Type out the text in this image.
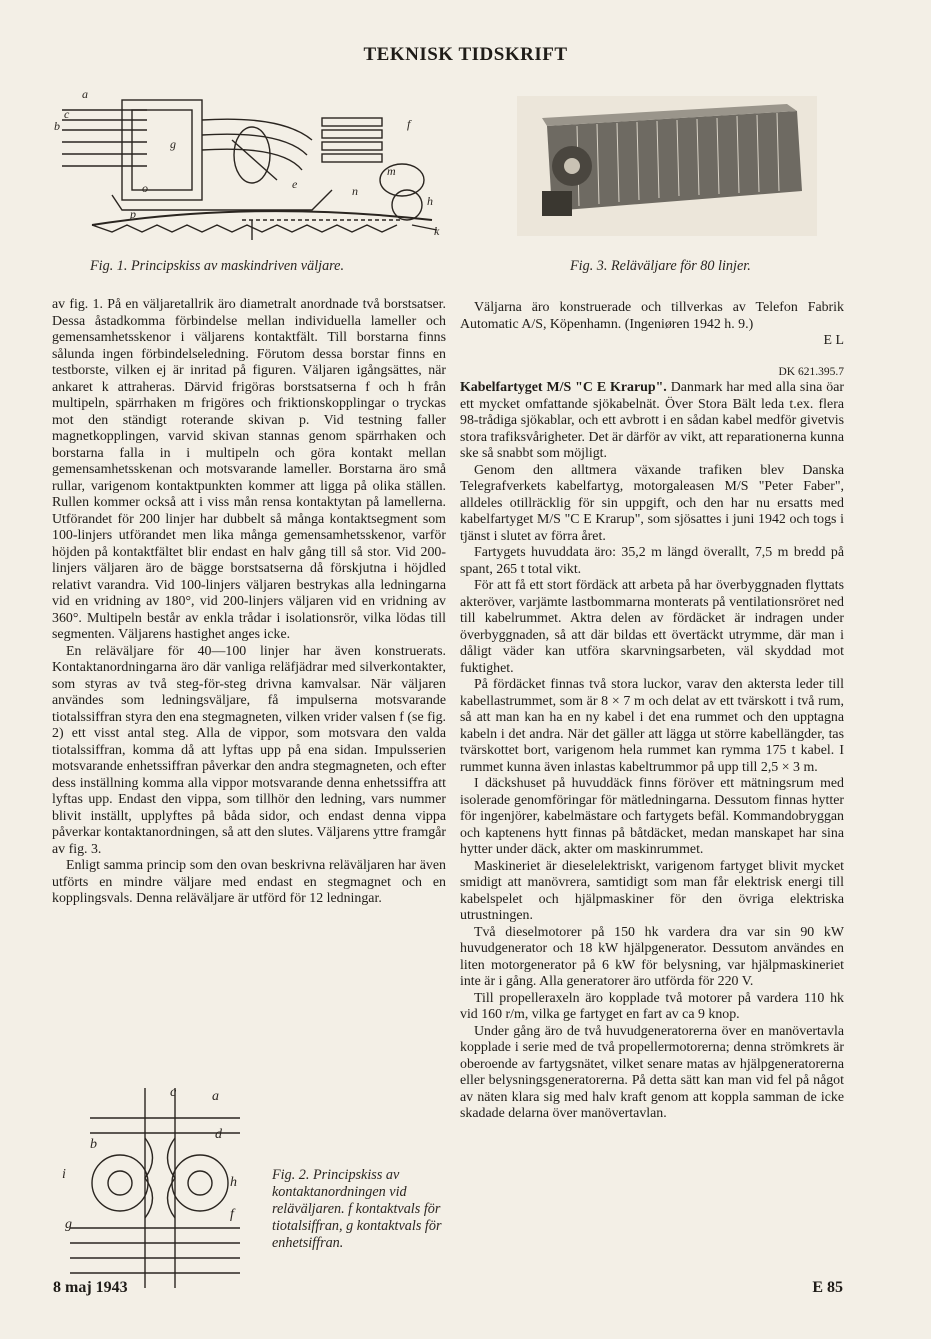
TEKNISK TIDSKRIFT
a
b
c
g
f
m
e	n
o
p
h
k
Fig. 1. Principskiss av maskindriven väljare.	Fig. 3. Reläväljare för 80 linjer.

av fig. 1. På en väljaretallrik äro diametralt anordnade två borstsatser. Dessa åstadkomma förbindelse mellan individuella lameller och gemensamhetsskenor i väljarens kontaktfält. Till borstarna finns sålunda ingen förbindelseledning. Förutom dessa borstar finns en testborste, vilken ej är inritad på figuren. Väljaren igångsättes, när ankaret k attraheras. Därvid frigöras borstsatserna f och h från multipeln, spärrhaken m frigöres och friktionskopplingar o tryckas mot den ständigt roterande skivan p. Vid testning faller magnetkopplingen, varvid skivan stannas genom spärrhaken och borstarna falla in i multipeln och göra kontakt mellan gemensamhetsskenan och motsvarande lameller. Borstarna äro små rullar, varigenom kontaktpunkten kommer att ligga på olika ställen. Rullen kommer också att i viss mån rensa kontaktytan på lamellerna. Utförandet för 200 linjer har dubbelt så många kontaktsegment som 100-linjers utförandet men lika många gemensamhetsskenor, varför höjden på kontaktfältet blir endast en halv gång till så stor. Vid 200-linjers väljaren äro de bägge borstsatserna då förskjutna i höjdled relativt varandra. Vid 100-linjers väljaren bestrykas alla ledningarna vid en vridning av 180°, vid 200-linjers väljaren vid en vridning av 360°. Multipeln består av enkla trådar i isolationsrör, vilka lödas till segmenten. Väljarens hastighet anges icke.

En reläväljare för 40—100 linjer har även konstruerats. Kontaktanordningarna äro där vanliga reläfjädrar med silverkontakter, som styras av två steg-för-steg drivna kamvalsar. När väljaren användes som ledningsväljare, få impulserna motsvarande tiotalssiffran styra den ena stegmagneten, vilken vrider valsen f (se fig. 2) ett visst antal steg. Alla de vippor, som motsvara den valda tiotalssiffran, komma då att lyftas upp på ena sidan. Impulsserien motsvarande enhetssiffran påverkar den andra stegmagneten, och efter dess inställning komma alla vippor motsvarande denna enhetssiffra att lyftas upp. Endast den vippa, som tillhör den ledning, vars nummer blivit inställt, upplyftes på båda sidor, och endast denna vippa påverkar kontaktanordningen, så att den slutes. Väljarens yttre framgår av fig. 3.

Enligt samma princip som den ovan beskrivna reläväljaren har även utförts en mindre väljare med endast en stegmagnet och en kopplingsvals. Denna reläväljare är utförd för 12 ledningar.

Väljarna äro konstruerade och tillverkas av Telefon Fabrik Automatic A/S, Köpenhamn. (Ingeniøren 1942 h. 9.)

E L
DK 621.395.7

Kabelfartyget M/S "C E Krarup". Danmark har med alla sina öar ett mycket omfattande sjökabelnät. Över Stora Bält leda t.ex. flera 98-trådiga sjökablar, och ett avbrott i en sådan kabel medför givetvis stora trafiksvårigheter. Det är därför av vikt, att reparationerna kunna ske så snabbt som möjligt.

Genom den alltmera växande trafiken blev Danska Telegrafverkets kabelfartyg, motorgaleasen M/S "Peter Faber", alldeles otillräcklig för sin uppgift, och den har nu ersatts med kabelfartyget M/S "C E Krarup", som sjösattes i juni 1942 och togs i tjänst i slutet av förra året.

Fartygets huvuddata äro: 35,2 m längd överallt, 7,5 m bredd på spant, 265 t total vikt.

För att få ett stort fördäck att arbeta på har överbyggnaden flyttats akteröver, varjämte lastbommarna monterats på ventilationsröret ned till kabelrummet. Aktra delen av fördäcket är indragen under överbyggnaden, så att där bildas ett övertäckt utrymme, där man i dåligt väder kan utföra skarvningsarbeten, väl skyddad mot fuktighet.

På fördäcket finnas två stora luckor, varav den aktersta leder till kabellastrummet, som är 8 × 7 m och delat av ett tvärskott i två rum, så att man kan ha en ny kabel i det ena rummet och den upptagna kabeln i det andra. När det gäller att lägga ut större kabellängder, tas tvärskottet bort, varigenom hela rummet kan rymma 175 t kabel. I rummet kunna även inlastas kabeltrummor på upp till 2,5 × 3 m.

I däckshuset på huvuddäck finns föröver ett mätningsrum med isolerade genomföringar för mätledningarna. Dessutom finnas hytter för ingenjörer, kabelmästare och fartygets befäl. Kommandobryggan och kaptenens hytt finnas på båtdäcket, medan manskapet har sina hytter under däck, akter om maskinrummet.

Maskineriet är dieselelektriskt, varigenom fartyget blivit mycket smidigt att manövrera, samtidigt som man får elektrisk energi till kabelspelet och hjälpmaskiner för den övriga elektriska utrustningen.

Två dieselmotorer på 150 hk vardera dra var sin 90 kW huvudgenerator och 18 kW hjälpgenerator. Dessutom användes en liten motorgenerator på 6 kW för belysning, var hjälpmaskineriet inte är i gång. Alla generatorer äro utförda för 220 V.

Till propelleraxeln äro kopplade två motorer på vardera 110 hk vid 160 r/m, vilka ge fartyget en fart av ca 9 knop.

Under gång äro de två huvudgeneratorerna över en manövertavla kopplade i serie med de två propellermotorerna; denna strömkrets är oberoende av fartygsnätet, vilket senare matas av hjälpgeneratorerna eller belysningsgeneratorerna. På detta sätt kan man vid fel på något av näten klara sig med halv kraft genom att koppla samman de icke skadade delarna över manövertavlan.

c	a
b
d
h
i
f
g
Fig. 2. Principskiss av kontaktanordningen vid reläväljaren. f kontaktvals för tiotalsiffran, g kontaktvals för enhetsiffran.
8 maj 1943	E 85
